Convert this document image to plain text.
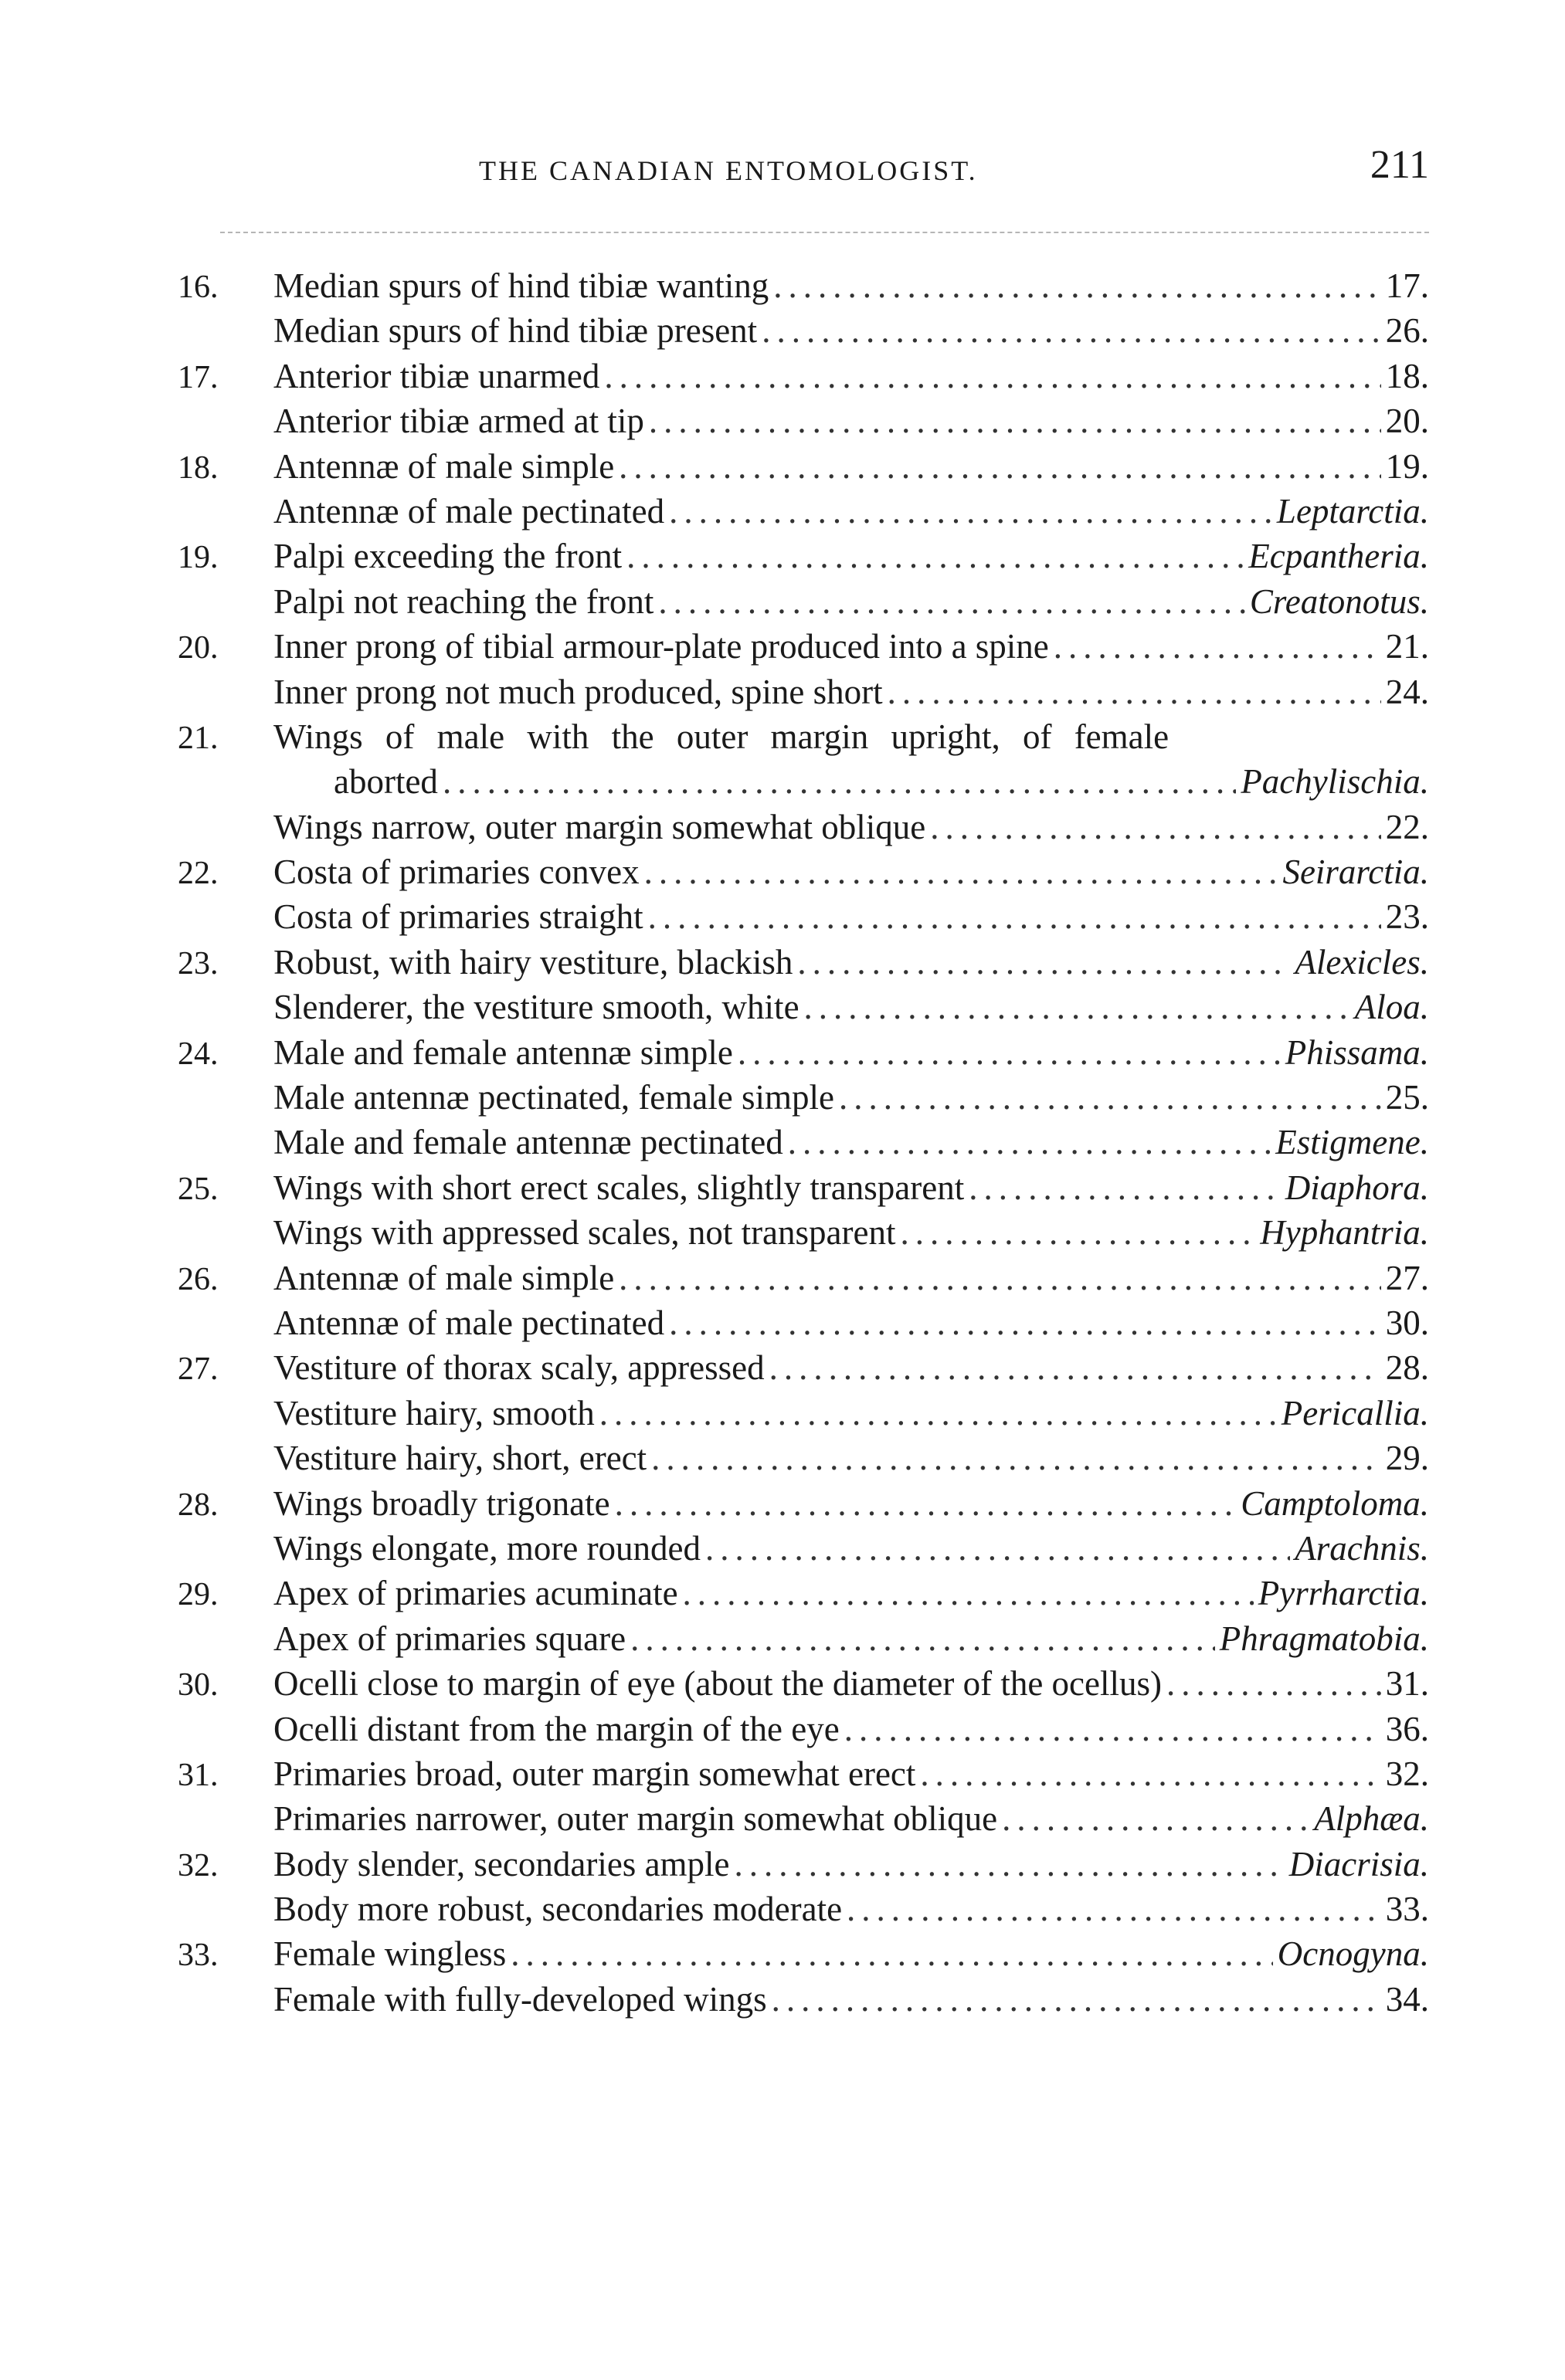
THE CANADIAN ENTOMOLOGIST.	211
16. Median spurs of hind tibiæ wanting .....	17.
Median spurs of hind tibiæ present .....	26.
17. Anterior tibiæ unarmed .....	18.
Anterior tibiæ armed at tip .....	20.
18. Antennæ of male simple .....	19.
Antennæ of male pectinated .....	Leptarctia.
19. Palpi exceeding the front .....	Ecpantheria.
Palpi not reaching the front .....	Creatonotus.
20. Inner prong of tibial armour-plate produced into a spine .....	21.
Inner prong not much produced, spine short .....	24.
21. Wings of male with the outer margin upright, of female
aborted .....	Pachylischia.
Wings narrow, outer margin somewhat oblique .....	22.
22. Costa of primaries convex .....	Seirarctia.
Costa of primaries straight .....	23.
23. Robust, with hairy vestiture, blackish .....	Alexicles.
Slenderer, the vestiture smooth, white .....	Aloa.
24. Male and female antennæ simple .....	Phissama.
Male antennæ pectinated, female simple .....	25.
Male and female antennæ pectinated .....	Estigmene.
25. Wings with short erect scales, slightly transparent .....	Diaphora.
Wings with appressed scales, not transparent .....	Hyphantria.
26. Antennæ of male simple .....	27.
Antennæ of male pectinated .....	30.
27. Vestiture of thorax scaly, appressed .....	28.
Vestiture hairy, smooth .....	Pericallia.
Vestiture hairy, short, erect .....	29.
28. Wings broadly trigonate .....	Camptoloma.
Wings elongate, more rounded .....	Arachnis.
29. Apex of primaries acuminate .....	Pyrrharctia.
Apex of primaries square .....	Phragmatobia.
30. Ocelli close to margin of eye (about the diameter of the ocellus) .....	31.
Ocelli distant from the margin of the eye .....	36.
31. Primaries broad, outer margin somewhat erect .....	32.
Primaries narrower, outer margin somewhat oblique .....	Alphæa.
32. Body slender, secondaries ample .....	Diacrisia.
Body more robust, secondaries moderate .....	33.
33. Female wingless .....	Ocnogyna.
Female with fully-developed wings .....	34.
